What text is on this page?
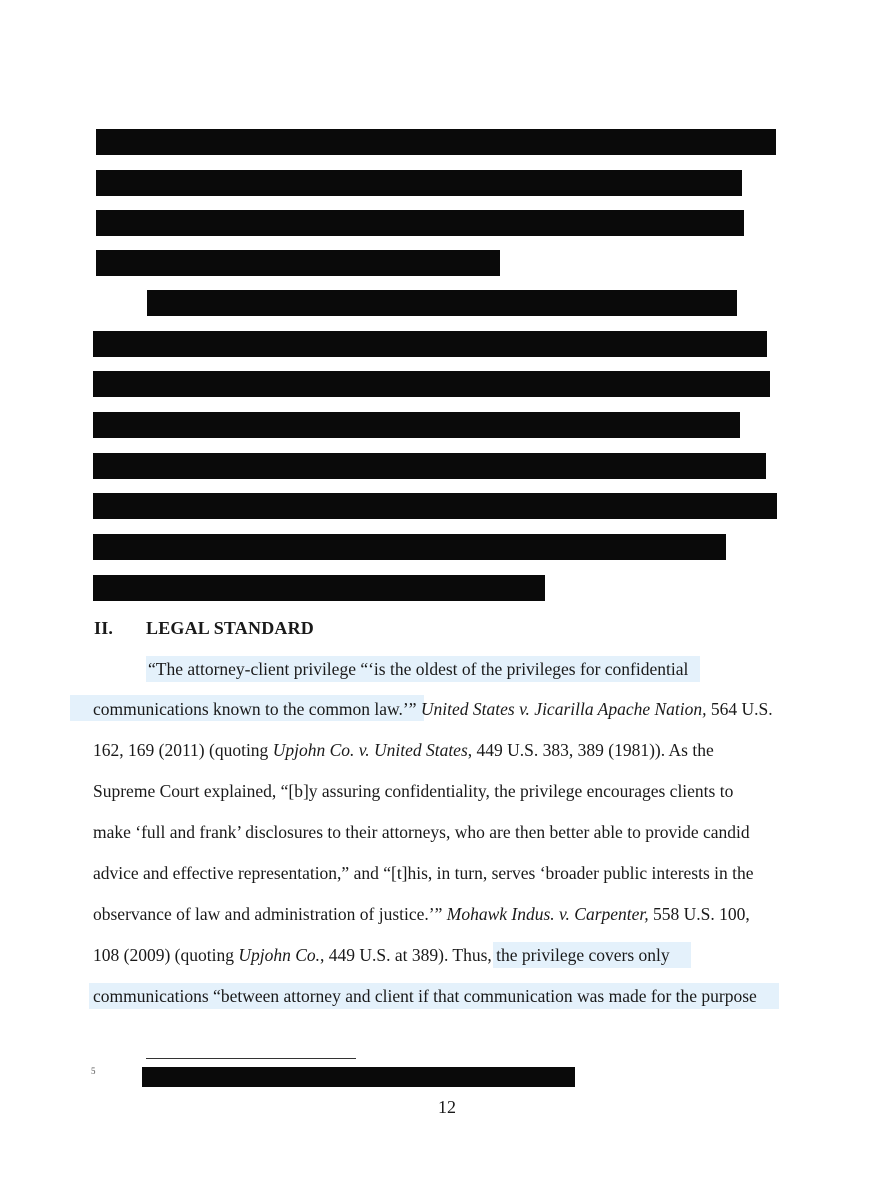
II. LEGAL STANDARD
“The attorney-client privilege “‘is the oldest of the privileges for confidential
communications known to the common law.’” United States v. Jicarilla Apache Nation, 564 U.S.
162, 169 (2011) (quoting Upjohn Co. v. United States, 449 U.S. 383, 389 (1981)). As the
Supreme Court explained, “[b]y assuring confidentiality, the privilege encourages clients to
make ‘full and frank’ disclosures to their attorneys, who are then better able to provide candid
advice and effective representation,” and “[t]his, in turn, serves ‘broader public interests in the
observance of law and administration of justice.’” Mohawk Indus. v. Carpenter, 558 U.S. 100,
108 (2009) (quoting Upjohn Co., 449 U.S. at 389). Thus, the privilege covers only
communications “between attorney and client if that communication was made for the purpose
5
12
